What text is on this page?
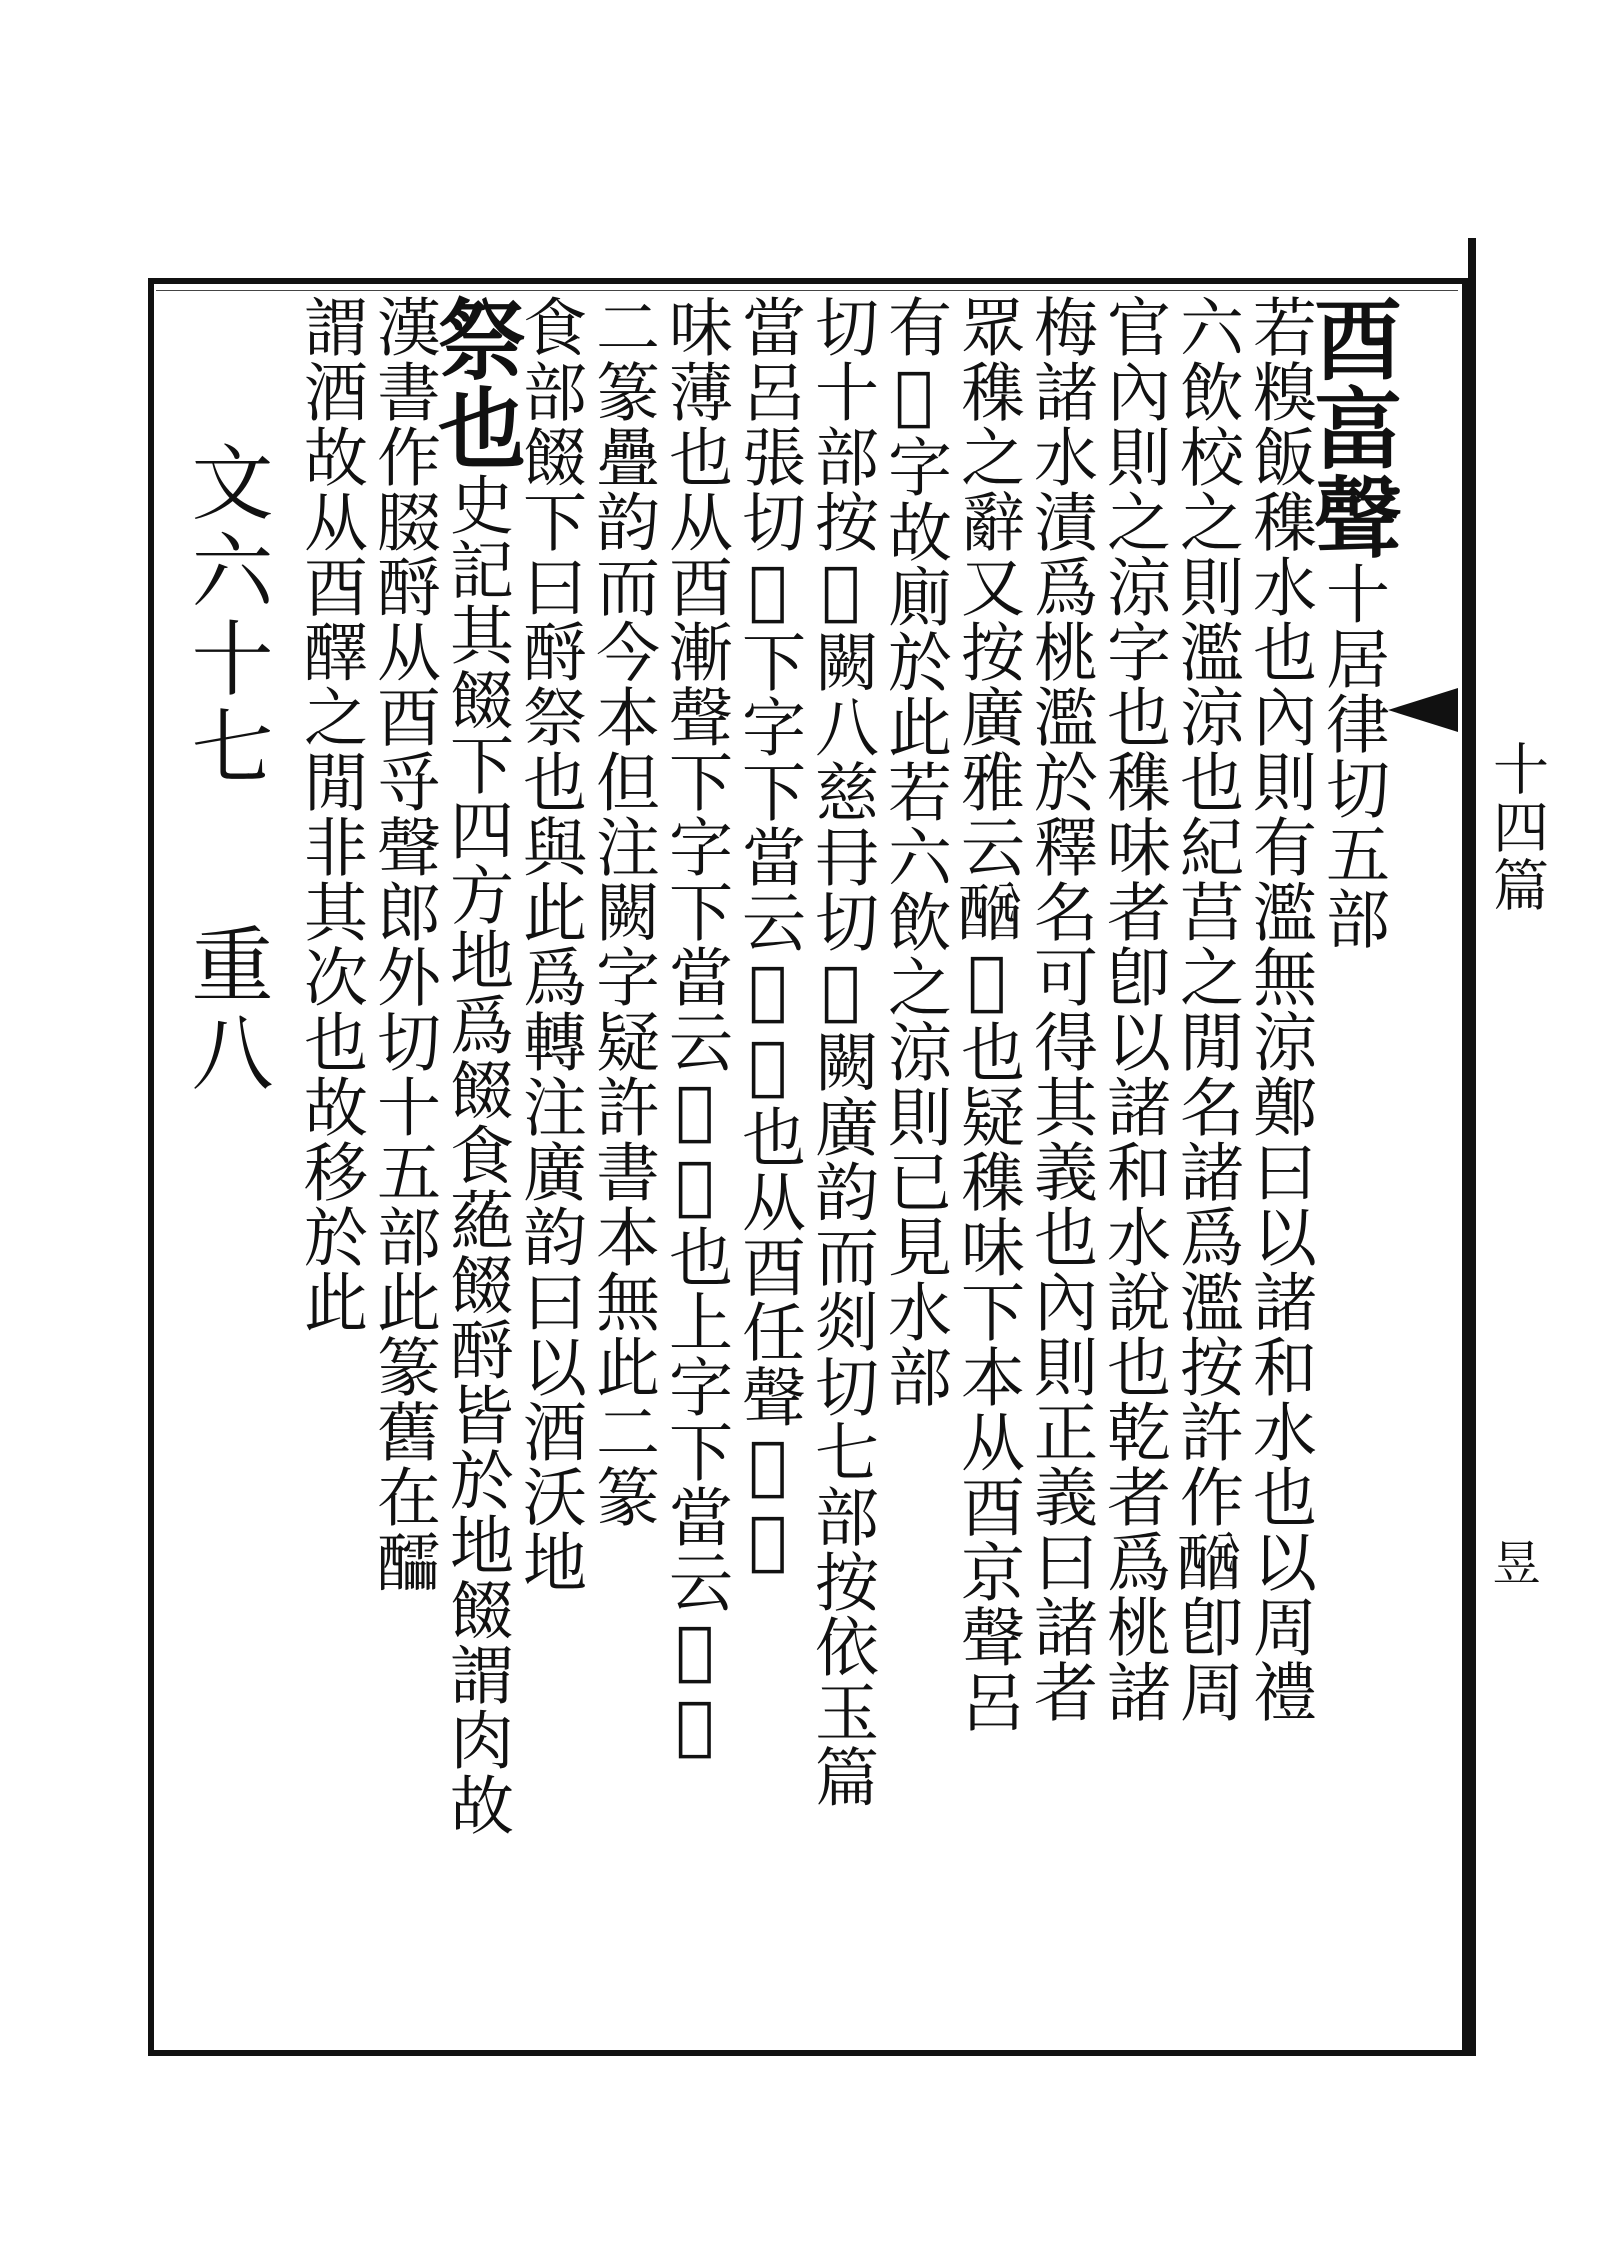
十四篇
昱
酉畗聲十居律切五部
若糗飯穕水也內則有濫無涼鄭曰以諸和水也以周禮
六飲校之則濫涼也紀莒之閒名諸爲濫按許作𨡴卽周
官內則之涼字也穕味者卽以諸和水說也乾者爲桃諸
梅諸水漬爲桃濫於釋名可得其義也內則正義曰諸者
眾穕之辭又按廣雅云𨡴𨣤也疑穕味下本从酉京聲呂
有𨣤字故廁於此若六飲之涼則已見水部
切十部按𨢜闕八慈冄切𨣻闕廣韵而剡切七部按依玉篇
當呂張切𨢜下字下當云𨣥𨣤也从酉任聲𨣔𨢟
味薄也从酉漸聲下字下當云𨣥𨣤也上字下當云𨣥𨣤
二篆疊韵而今本但注闕字疑許書本無此二篆
食部餟下曰酹祭也與此爲轉注廣韵曰以酒沃地
祭也史記其餟下四方地爲餟食蕝餟酹皆於地餟謂肉故
漢書作腏酹从酉寽聲郎外切十五部此篆舊在醽
謂酒故从酉醳之閒非其次也故移於此
文六十七重八
